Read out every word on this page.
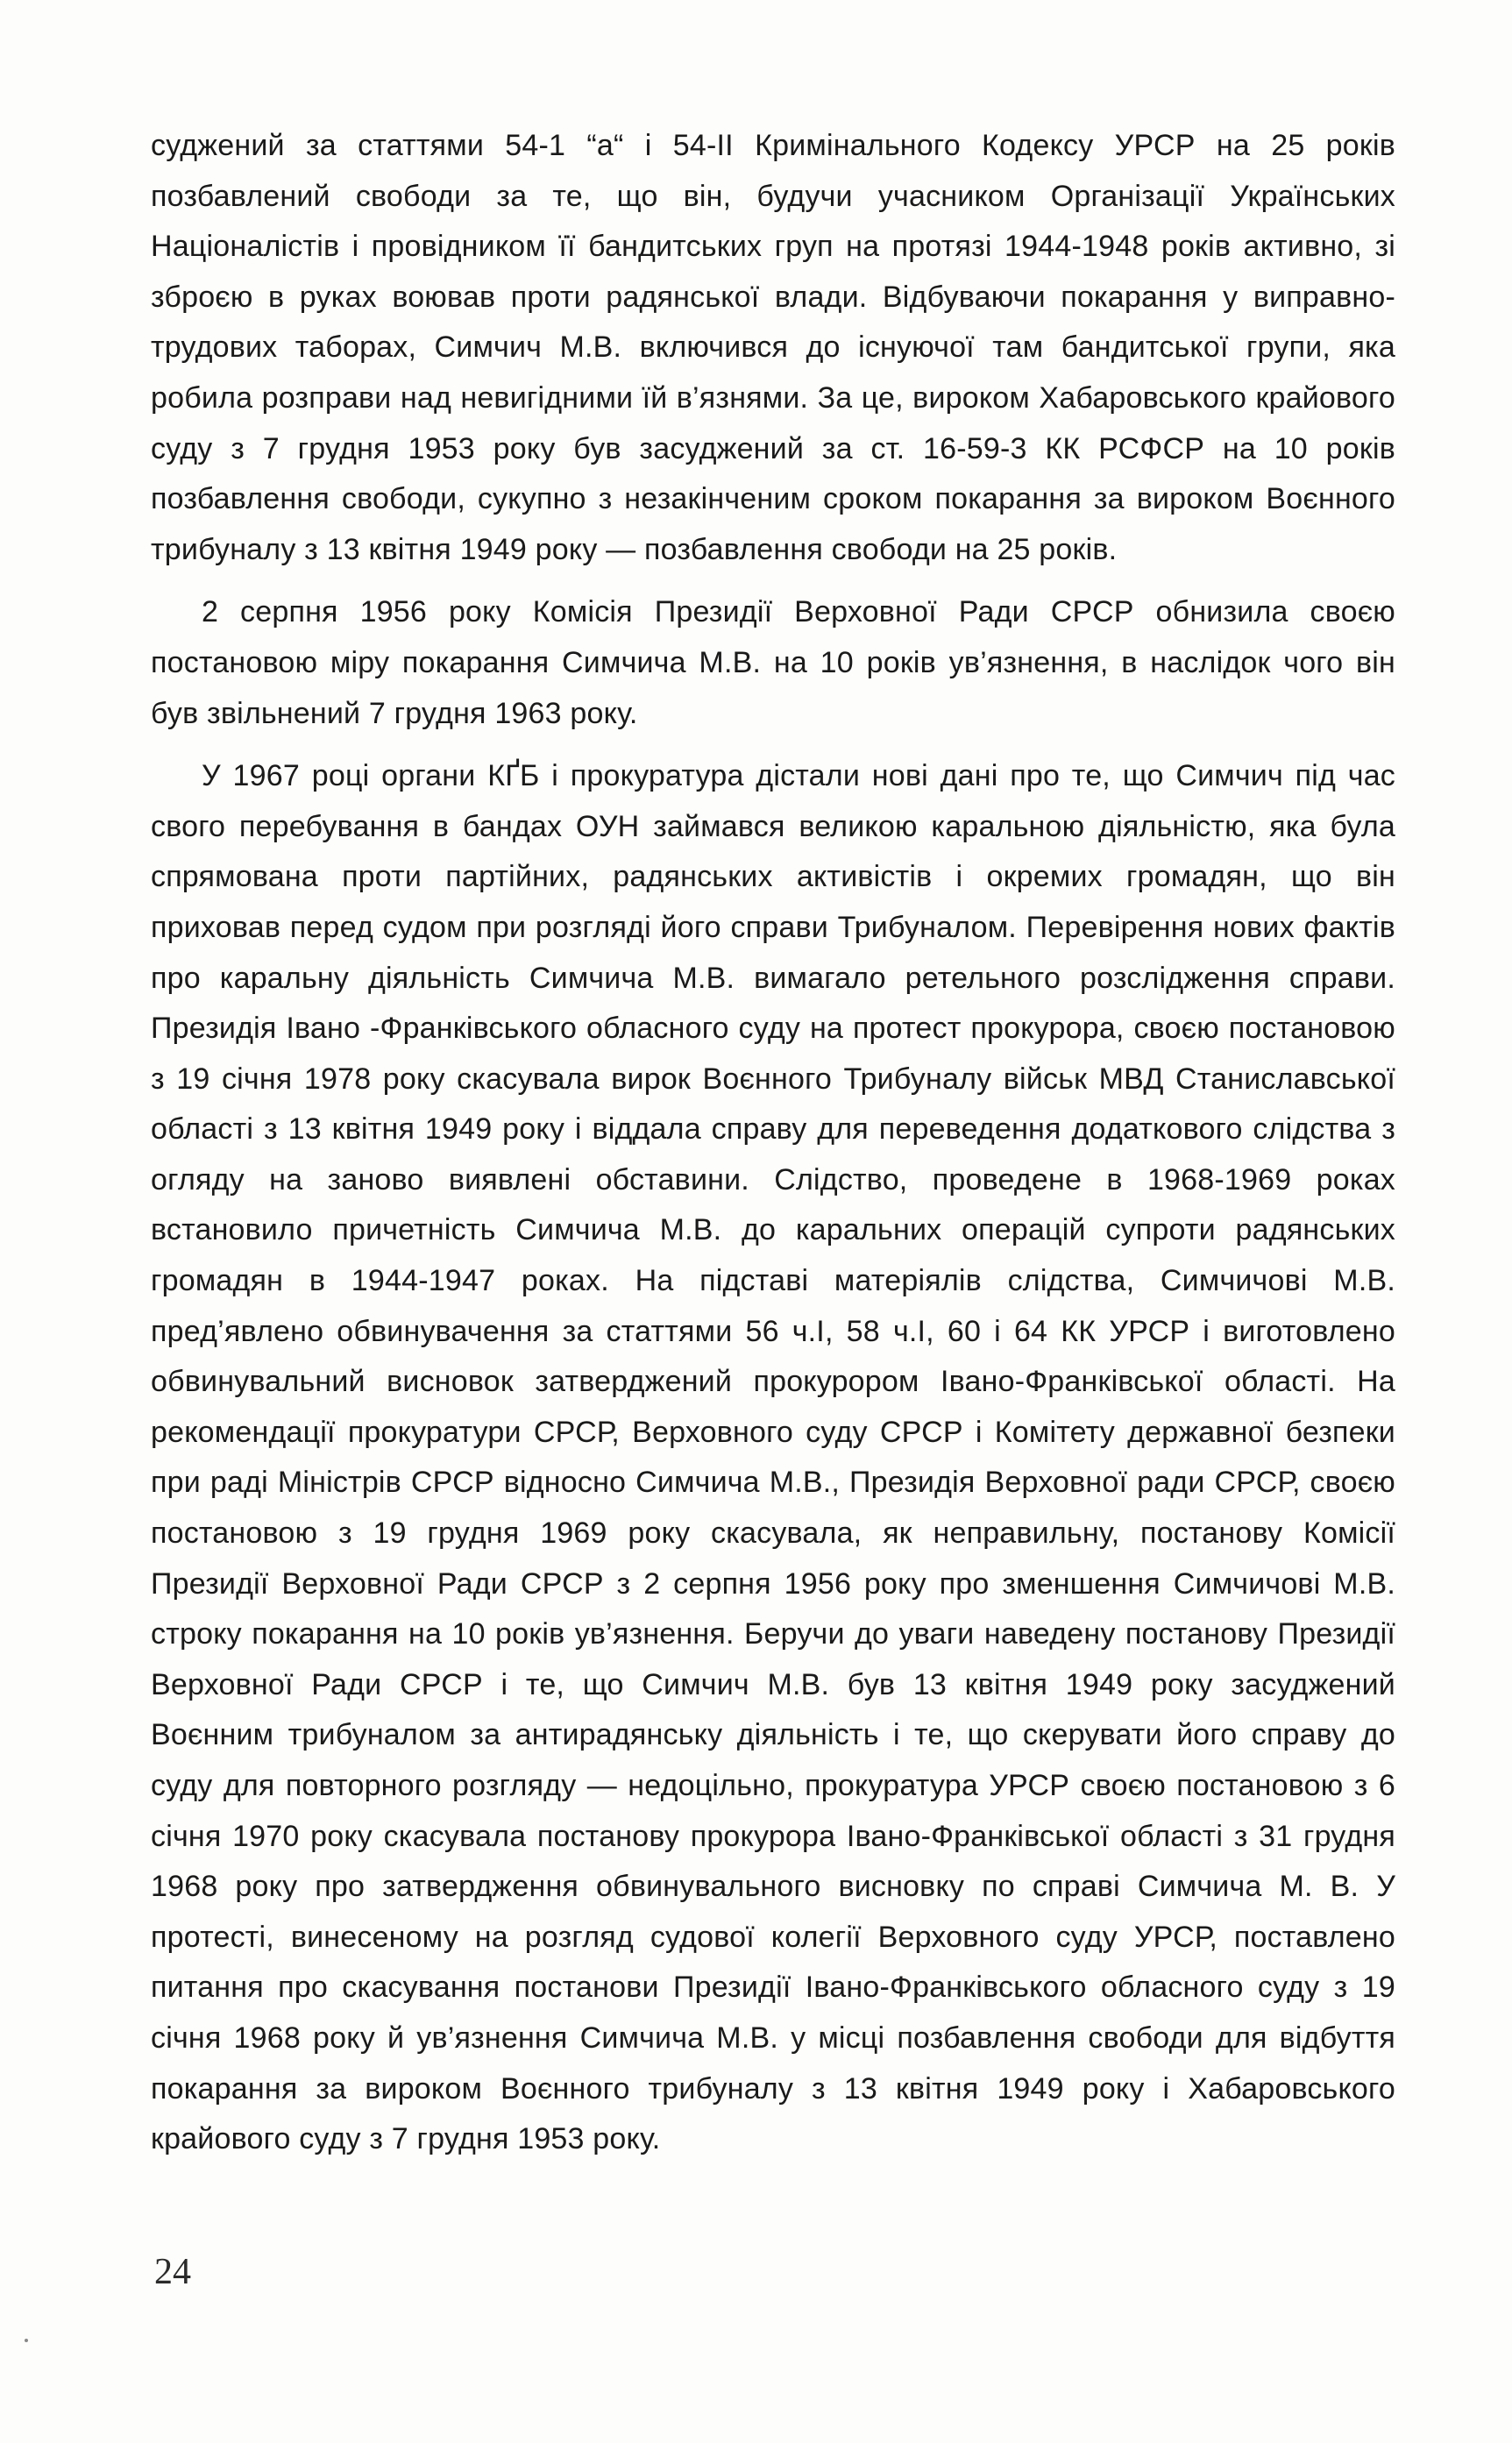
суджений за статтями 54-1 “а“ і 54-ІІ Кримінального Кодексу УРСР на 25 років позбавлений свободи за те, що він, будучи учасником Організації Українських Націоналістів і провідником її бандитських груп на протязі 1944-1948 років активно, зі зброєю в руках воював проти радянської влади. Відбуваючи покарання у виправно-трудових таборах, Симчич М.В. включився до існуючої там бандитської групи, яка робила розправи над невигідними їй в’язнями. За це, вироком Хабаровського крайового суду з 7 грудня 1953 року був засуджений за ст. 16-59-3 КК РСФСР на 10 років позбавлення свободи, сукупно з незакінченим сроком покарання за вироком Воєнного трибуналу з 13 квітня 1949 року — позбавлення свободи на 25 років.

2 серпня 1956 року Комісія Президії Верховної Ради СРСР обнизила своєю постановою міру покарання Симчича М.В. на 10 років ув’язнення, в наслідок чого він був звільнений 7 грудня 1963 року.

У 1967 році органи КҐБ і прокуратура дістали нові дані про те, що Симчич під час свого перебування в бандах ОУН займався великою каральною діяльністю, яка була спрямована проти партійних, радянських активістів і окремих громадян, що він приховав перед судом при розгляді його справи Трибуналом. Перевірення нових фактів про каральну діяльність Симчича М.В. вимагало ретельного розслідження справи. Президія Івано -Франківського обласного суду на протест прокурора, своєю постановою з 19 січня 1978 року скасувала вирок Воєнного Трибуналу військ МВД Станиславської області з 13 квітня 1949 року і віддала справу для переведення додаткового слідства з огляду на заново виявлені обставини. Слідство, проведене в 1968-1969 роках встановило причетність Симчича М.В. до каральних операцій супроти радянських громадян в 1944-1947 роках. На підставі матеріялів слідства, Симчичові М.В. пред’явлено обвинувачення за статтями 56 ч.І, 58 ч.І, 60 і 64 КК УРСР і виготовлено обвинувальний висновок затверджений прокурором Івано-Франківської області. На рекомендації прокуратури СРСР, Верховного суду СРСР і Комітету державної безпеки при раді Міністрів СРСР відносно Симчича М.В., Президія Верховної ради СРСР, своєю постановою з 19 грудня 1969 року скасувала, як неправильну, постанову Комісії Президії Верховної Ради СРСР з 2 серпня 1956 року про зменшення Симчичові М.В. строку покарання на 10 років ув’язнення. Беручи до уваги наведену постанову Президії Верховної Ради СРСР і те, що Симчич М.В. був 13 квітня 1949 року засуджений Воєнним трибуналом за антирадянську діяльність і те, що скерувати його справу до суду для повторного розгляду — недоцільно, прокуратура УРСР своєю постановою з 6 січня 1970 року скасувала постанову прокурора Івано-Франківської області з 31 грудня 1968 року про затвердження обвинувального висновку по справі Симчича М. В. У протесті, винесеному на розгляд судової колегії Верховного суду УРСР, поставлено питання про скасування постанови Президії Івано-Франківського обласного суду з 19 січня 1968 року й ув’язнення Симчича М.В. у місці позбавлення свободи для відбуття покарання за вироком Воєнного трибуналу з 13 квітня 1949 року і Хабаровського крайового суду з 7 грудня 1953 року.

24
